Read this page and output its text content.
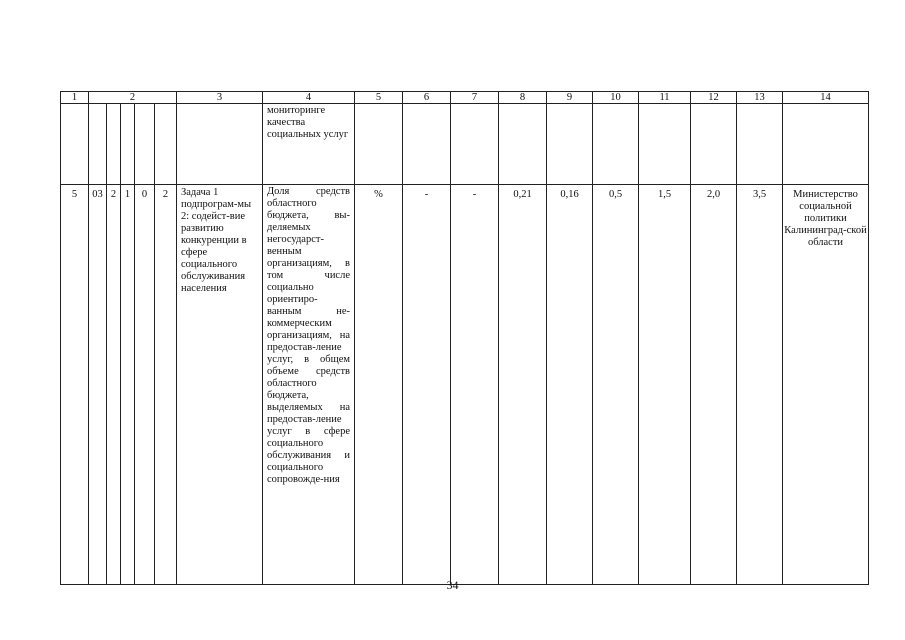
1	2					3	4	5	6	7	8	9	10	11	12	13	14
							мониторинге качества социальных услуг										
5	03	2	1	0	2	Задача 1 подпрограм-мы 2: содейст-вие развитию конкуренции в сфере социального обслуживания населения	Доля средств областного бюджета, вы-деляемых негосударст-венным организациям, в том числе социально ориентиро-ванным не-коммерческим организациям, на предостав-ление услуг, в общем объеме средств областного бюджета, выделяемых на предостав-ление услуг в сфере социального обслуживания и социального сопровожде-ния	%	-	-	0,21	0,16	0,5	1,5	2,0	3,5	Министерство социальной политики Калининград-ской области
34
